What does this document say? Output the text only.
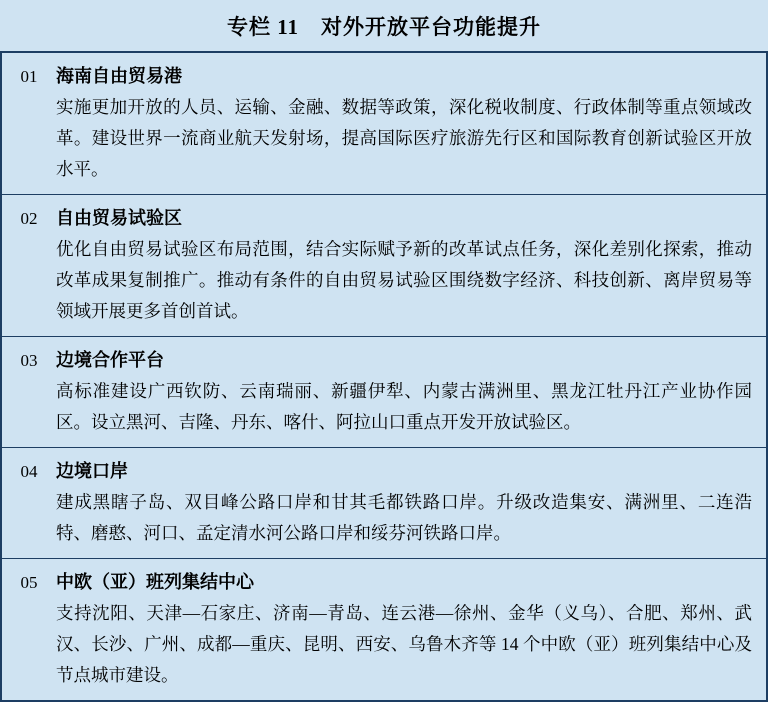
专栏 11 对外开放平台功能提升
01	海南自由贸易港
实施更加开放的人员、运输、金融、数据等政策，深化税收制度、行政体制等重点领域改革。建设世界一流商业航天发射场，提高国际医疗旅游先行区和国际教育创新试验区开放水平。
02	自由贸易试验区
优化自由贸易试验区布局范围，结合实际赋予新的改革试点任务，深化差别化探索，推动改革成果复制推广。推动有条件的自由贸易试验区围绕数字经济、科技创新、离岸贸易等领域开展更多首创首试。
03	边境合作平台
高标准建设广西钦防、云南瑞丽、新疆伊犁、内蒙古满洲里、黑龙江牡丹江产业协作园区。设立黑河、吉隆、丹东、喀什、阿拉山口重点开发开放试验区。
04	边境口岸
建成黑瞎子岛、双目峰公路口岸和甘其毛都铁路口岸。升级改造集安、满洲里、二连浩特、磨憨、河口、孟定清水河公路口岸和绥芬河铁路口岸。
05	中欧（亚）班列集结中心
支持沈阳、天津—石家庄、济南—青岛、连云港—徐州、金华（义乌）、合肥、郑州、武汉、长沙、广州、成都—重庆、昆明、西安、乌鲁木齐等 14 个中欧（亚）班列集结中心及节点城市建设。
